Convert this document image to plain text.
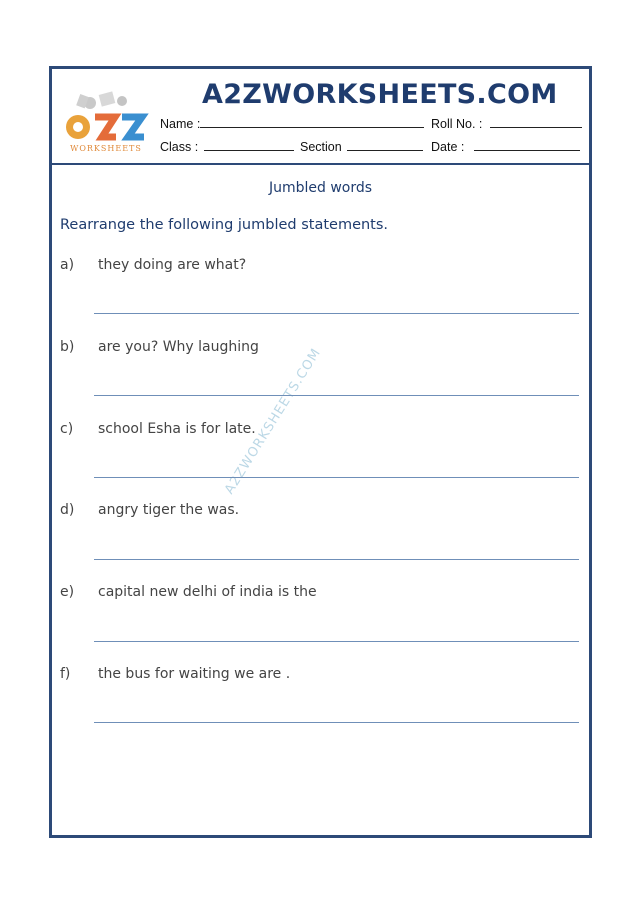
WORKSHEETS
A2ZWORKSHEETS.COM
Name :	Roll No. :
Class :	Section	Date :
Jumbled words
Rearrange the following jumbled statements.
A2ZWORKSHEETS.COM
a) they doing are what?
b) are you? Why laughing
c) school Esha is for late.
d) angry tiger the was.
e) capital new delhi of india is the
f) the bus for waiting we are .
